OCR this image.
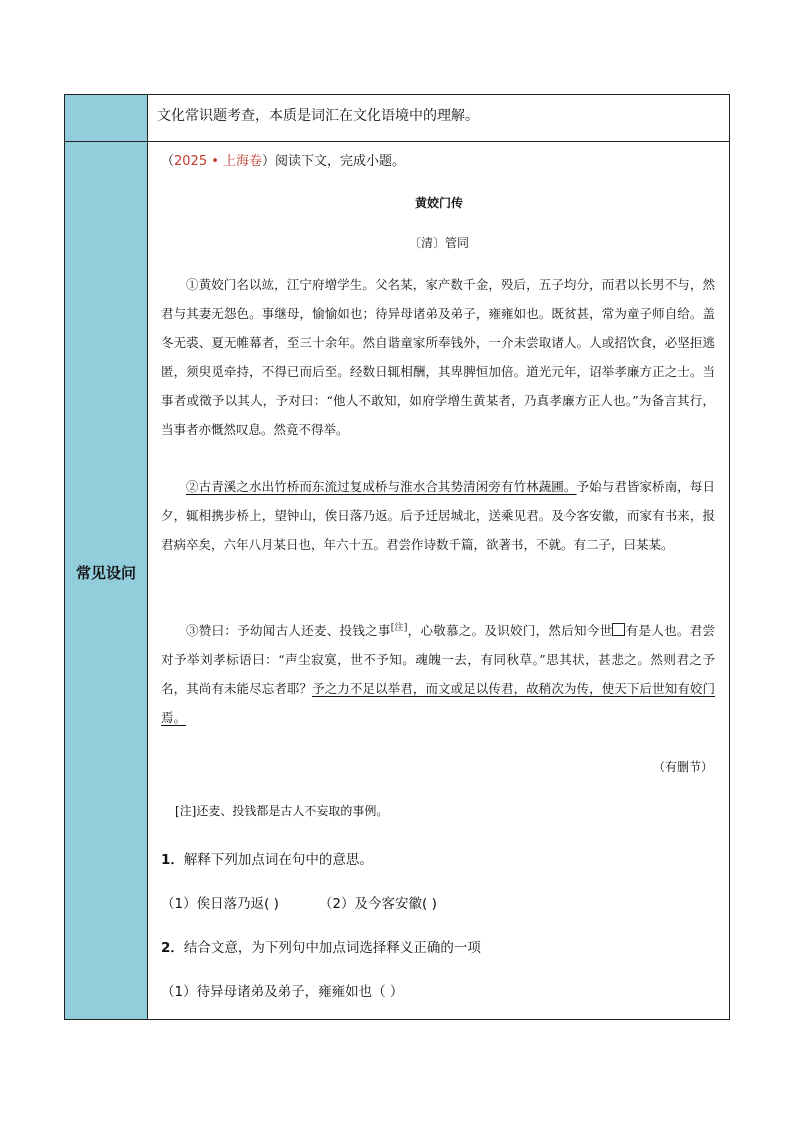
文化常识题考查，本质是词汇在文化语境中的理解。
常见设问
（2025 • 上海卷）阅读下文，完成小题。
黄姣门传
〔清〕管同

①黄姣门名以竑，江宁府增学生。父名某，家产数千金，殁后，五子均分，而君以长男不与，然君与其妻无怨色。事继母，愉愉如也；待异母诸弟及弟子，雍雍如也。既贫甚，常为童子师自给。盖冬无裘、夏无帷幕者，至三十余年。然自谐童家所奉钱外，一介未尝取诸人。人或招饮食，必坚拒逃匿，须臾觅牵持，不得已而后至。经数日辄相酬，其卑脾恒加倍。道光元年，诏举孝廉方正之士。当事者或徵予以其人，予对曰：“他人不敢知，如府学增生黄某者，乃真孝廉方正人也。”为备言其行，当事者亦慨然叹息。然竟不得举。

②古青溪之水出竹桥而东流过复成桥与淮水合其势清闲旁有竹林蔬圃。予始与君皆家桥南，每日夕，辄相携步桥上，望钟山，俟日落乃返。后予迁居城北，送乘见君。及今客安徽，而家有书来，报君病卒矣，六年八月某日也，年六十五。君尝作诗数千篇，欲著书，不就。有二子，曰某某。

③赞曰：予幼闻古人还麦、投钱之事[注]，心敬慕之。及识姣门，然后知今世 有是人也。君尝对予举刘孝标语曰：“声尘寂寞，世不予知。魂魄一去，有同秋草。”思其状，甚悲之。然则君之予名，其尚有未能尽忘者耶？予之力不足以举君，而文或足以传君，故稍次为传，使天下后世知有姣门焉。

（有删节）
[注]还麦、投钱都是古人不妄取的事例。
1．解释下列加点词在句中的意思。
（1）俟日落乃返( )	（2）及今客安徽( )
2．结合文意，为下列句中加点词选择释义正确的一项
（1）待异母诸弟及弟子，雍雍如也（ ）
